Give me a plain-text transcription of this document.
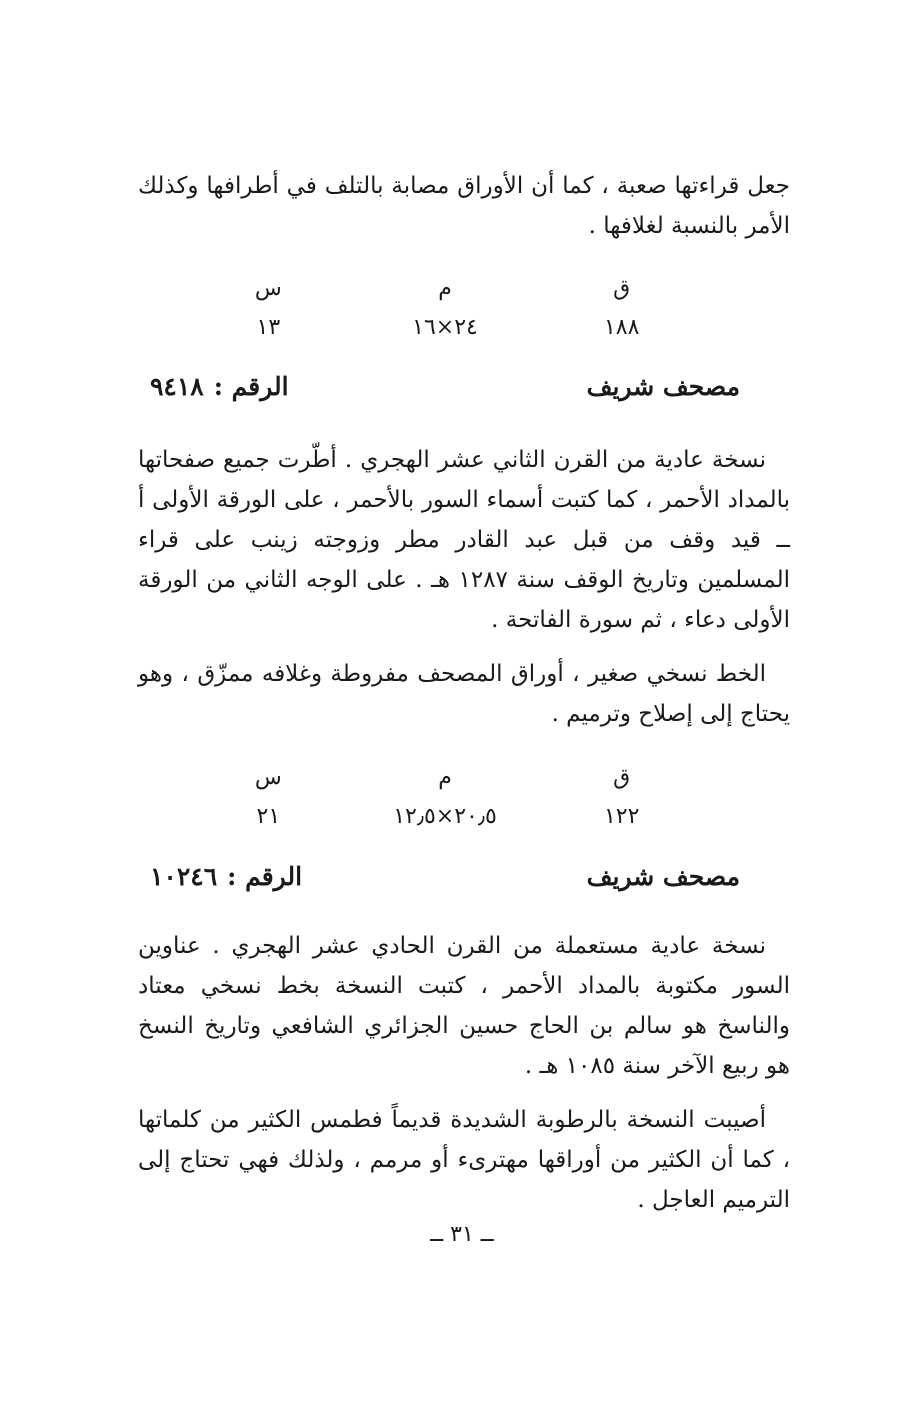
جعل قراءتها صعبة ، كما أن الأوراق مصابة بالتلف في أطرافها وكذلك الأمر بالنسبة لغلافها .

ق
م
س
١٨٨
٢٤×١٦
١٣
مصحف شريف
الرقم :
٩٤١٨

نسخة عادية من القرن الثاني عشر الهجري . أطّرت جميع صفحاتها بالمداد الأحمر ، كما كتبت أسماء السور بالأحمر ، على الورقة الأولى أ ــ قيد وقف من قبل عبد القادر مطر وزوجته زينب على قراء المسلمين وتاريخ الوقف سنة ١٢٨٧ هـ . على الوجه الثاني من الورقة الأولى دعاء ، ثم سورة الفاتحة .

الخط نسخي صغير ، أوراق المصحف مفروطة وغلافه ممزّق ، وهو يحتاج إلى إصلاح وترميم .

ق
م
س
١٢٢
٢٠٫٥×١٢٫٥
٢١
مصحف شريف
الرقم :
١٠٢٤٦

نسخة عادية مستعملة من القرن الحادي عشر الهجري . عناوين السور مكتوبة بالمداد الأحمر ، كتبت النسخة بخط نسخي معتاد والناسخ هو سالم بن الحاج حسين الجزائري الشافعي وتاريخ النسخ هو ربيع الآخر سنة ١٠٨٥ هـ .

أصيبت النسخة بالرطوبة الشديدة قديماً فطمس الكثير من كلماتها ، كما أن الكثير من أوراقها مهترىء أو مرمم ، ولذلك فهي تحتاج إلى الترميم العاجل .

ــ ٣١ ــ
